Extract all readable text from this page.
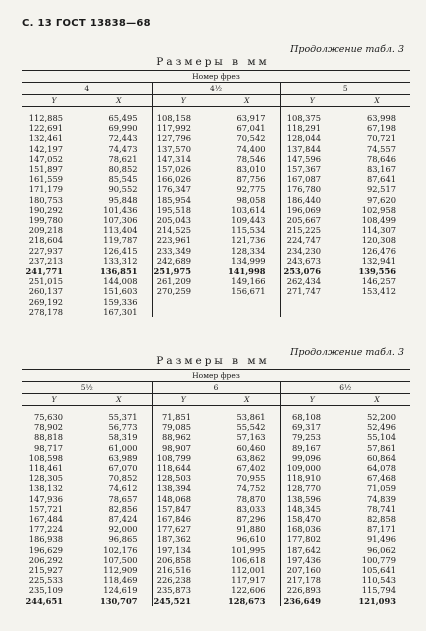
С. 13 ГОСТ 13838—68
Продолжение табл. 3
Размеры в мм
Номер фрез					
4		4½		5	
Y	X	Y	X	Y	X

112,885	65,495	108,158	63,917	108,375	63,998
122,691	69,990	117,992	67,041	118,291	67,198
132,461	72,443	127,796	70,542	128,044	70,721
142,197	74,473	137,570	74,400	137,844	74,557
147,052	78,621	147,314	78,546	147,596	78,646
151,897	80,852	157,026	83,010	157,367	83,167
161,559	85,545	166,026	87,756	167,087	87,641
171,179	90,552	176,347	92,775	176,780	92,517
180,753	95,848	185,954	98,058	186,440	97,620
190,292	101,436	195,518	103,614	196,069	102,958
199,780	107,306	205,043	109,443	205,667	108,499
209,218	113,404	214,525	115,534	215,225	114,307
218,604	119,787	223,961	121,736	224,747	120,308
227,937	126,415	233,349	128,334	234,230	126,476
237,213	133,312	242,689	134,999	243,673	132,941
241,771	136,851	251,975	141,998	253,076	139,556
251,015	144,008	261,209	149,166	262,434	146,257
260,137	151,603	270,259	156,671	271,747	153,412
269,192	159,336				
278,178	167,301				
Продолжение табл. 3
Размеры в мм
Номер фрез					
5½		6		6½	
Y	X	Y	X	Y	X

75,630	55,371	71,851	53,861	68,108	52,200
78,902	56,773	79,085	55,542	69,317	52,496
88,818	58,319	88,962	57,163	79,253	55,104
98,717	61,000	98,907	60,460	89,167	57,861
108,598	63,989	108,799	63,862	99,096	60,864
118,461	67,070	118,644	67,402	109,000	64,078
128,305	70,852	128,503	70,955	118,910	67,468
138,132	74,612	138,394	74,752	128,770	71,059
147,936	78,657	148,068	78,870	138,596	74,839
157,721	82,856	157,847	83,033	148,345	78,741
167,484	87,424	167,846	87,296	158,470	82,858
177,224	92,000	177,627	91,880	168,036	87,171
186,938	96,865	187,362	96,610	177,802	91,496
196,629	102,176	197,134	101,995	187,642	96,062
206,292	107,500	206,858	106,618	197,436	100,779
215,927	112,909	216,516	112,001	207,160	105,641
225,533	118,469	226,238	117,917	217,178	110,543
235,109	124,619	235,873	122,606	226,893	115,794
244,651	130,707	245,521	128,673	236,649	121,093
